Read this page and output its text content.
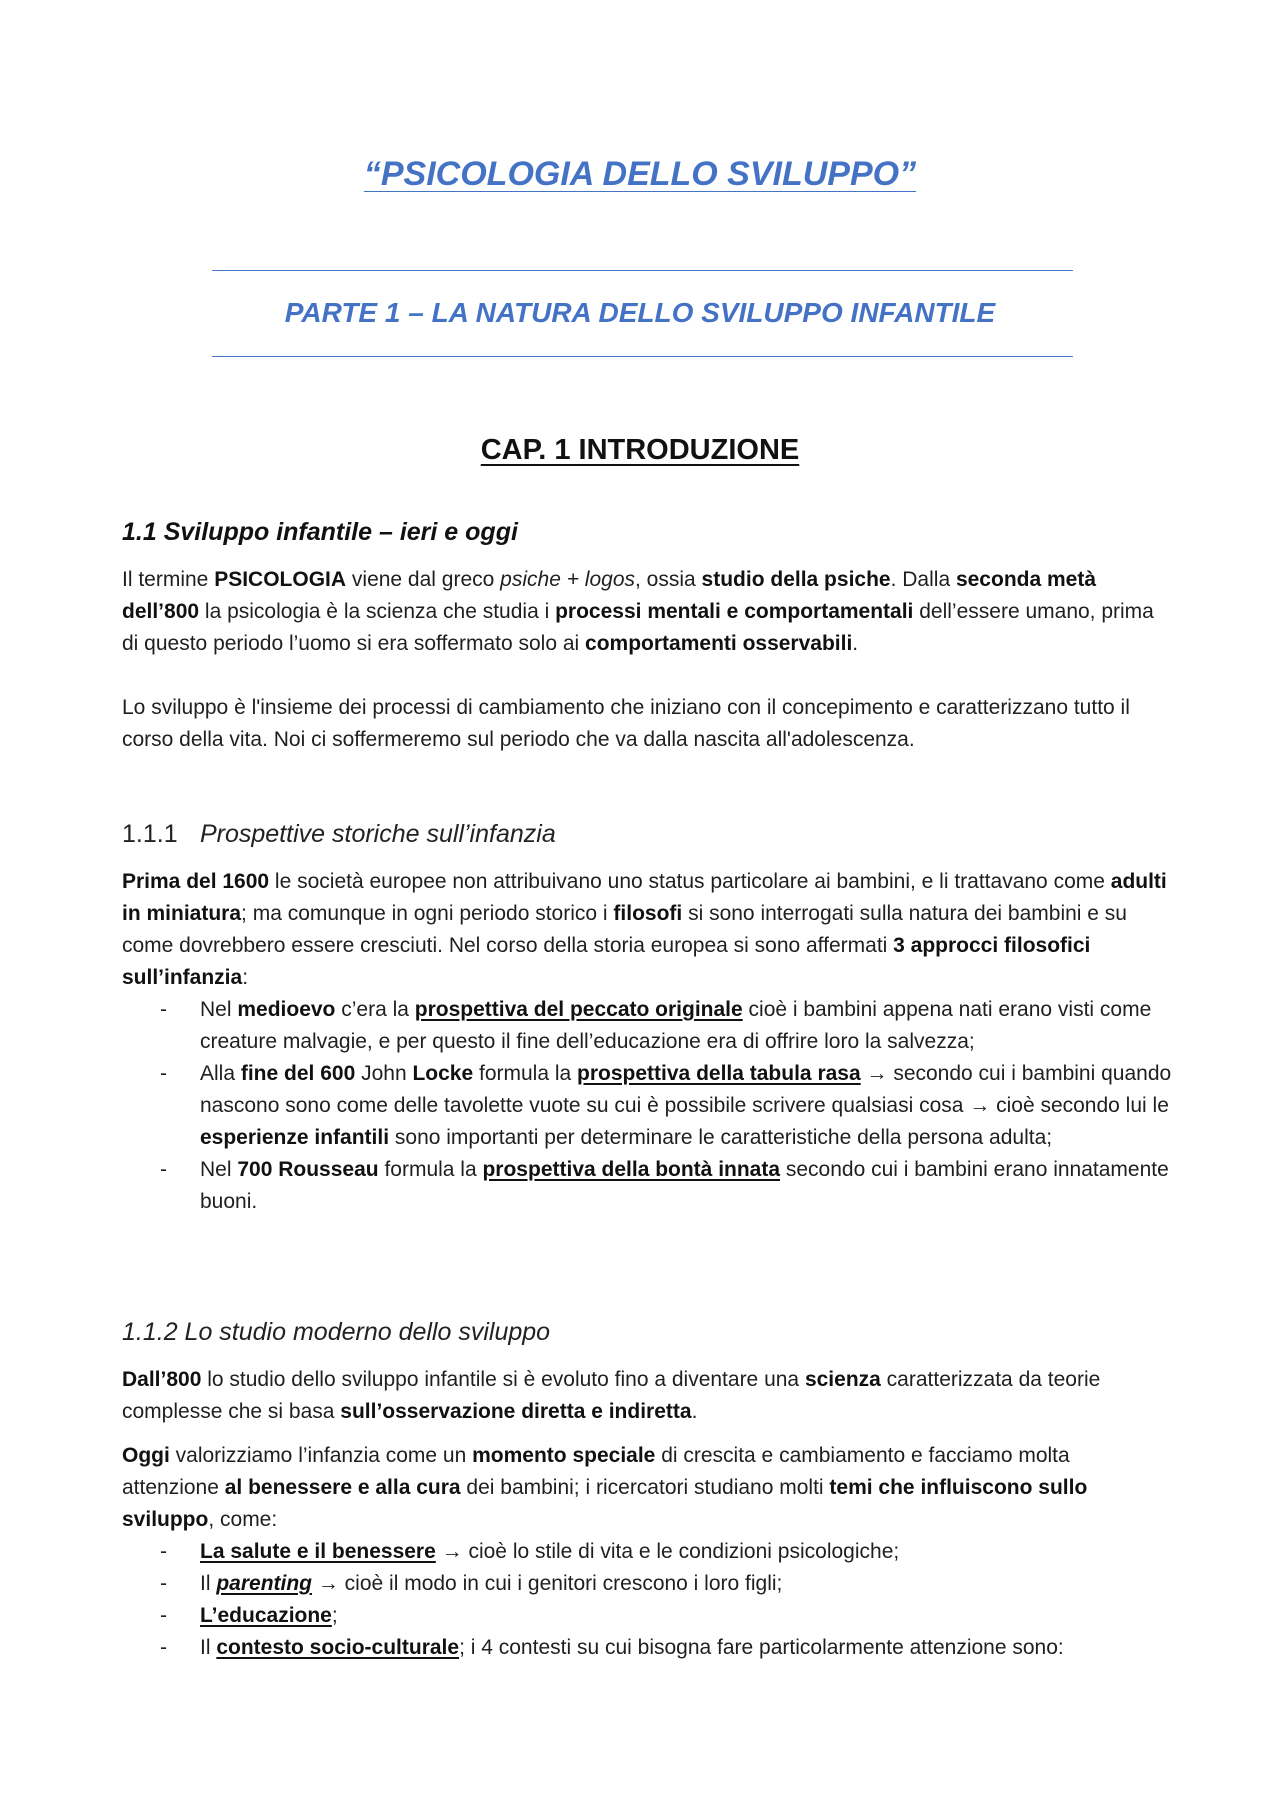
“PSICOLOGIA DELLO SVILUPPO”
PARTE 1 – LA NATURA DELLO SVILUPPO INFANTILE
CAP. 1 INTRODUZIONE
1.1 Sviluppo infantile – ieri e oggi
Il termine PSICOLOGIA viene dal greco psiche + logos, ossia studio della psiche. Dalla seconda metà dell’800 la psicologia è la scienza che studia i processi mentali e comportamentali dell’essere umano, prima di questo periodo l’uomo si era soffermato solo ai comportamenti osservabili.
Lo sviluppo è l'insieme dei processi di cambiamento che iniziano con il concepimento e caratterizzano tutto il corso della vita. Noi ci soffermeremo sul periodo che va dalla nascita all'adolescenza.
1.1.1 Prospettive storiche sull’infanzia
Prima del 1600 le società europee non attribuivano uno status particolare ai bambini, e li trattavano come adulti in miniatura; ma comunque in ogni periodo storico i filosofi si sono interrogati sulla natura dei bambini e su come dovrebbero essere cresciuti. Nel corso della storia europea si sono affermati 3 approcci filosofici sull’infanzia:
- Nel medioevo c’era la prospettiva del peccato originale cioè i bambini appena nati erano visti come creature malvagie, e per questo il fine dell’educazione era di offrire loro la salvezza;
- Alla fine del 600 John Locke formula la prospettiva della tabula rasa → secondo cui i bambini quando nascono sono come delle tavolette vuote su cui è possibile scrivere qualsiasi cosa → cioè secondo lui le esperienze infantili sono importanti per determinare le caratteristiche della persona adulta;
- Nel 700 Rousseau formula la prospettiva della bontà innata secondo cui i bambini erano innatamente buoni.
1.1.2 Lo studio moderno dello sviluppo
Dall’800 lo studio dello sviluppo infantile si è evoluto fino a diventare una scienza caratterizzata da teorie complesse che si basa sull’osservazione diretta e indiretta.
Oggi valorizziamo l’infanzia come un momento speciale di crescita e cambiamento e facciamo molta attenzione al benessere e alla cura dei bambini; i ricercatori studiano molti temi che influiscono sullo sviluppo, come:
- La salute e il benessere → cioè lo stile di vita e le condizioni psicologiche;
- Il parenting → cioè il modo in cui i genitori crescono i loro figli;
- L’educazione;
- Il contesto socio-culturale; i 4 contesti su cui bisogna fare particolarmente attenzione sono:
